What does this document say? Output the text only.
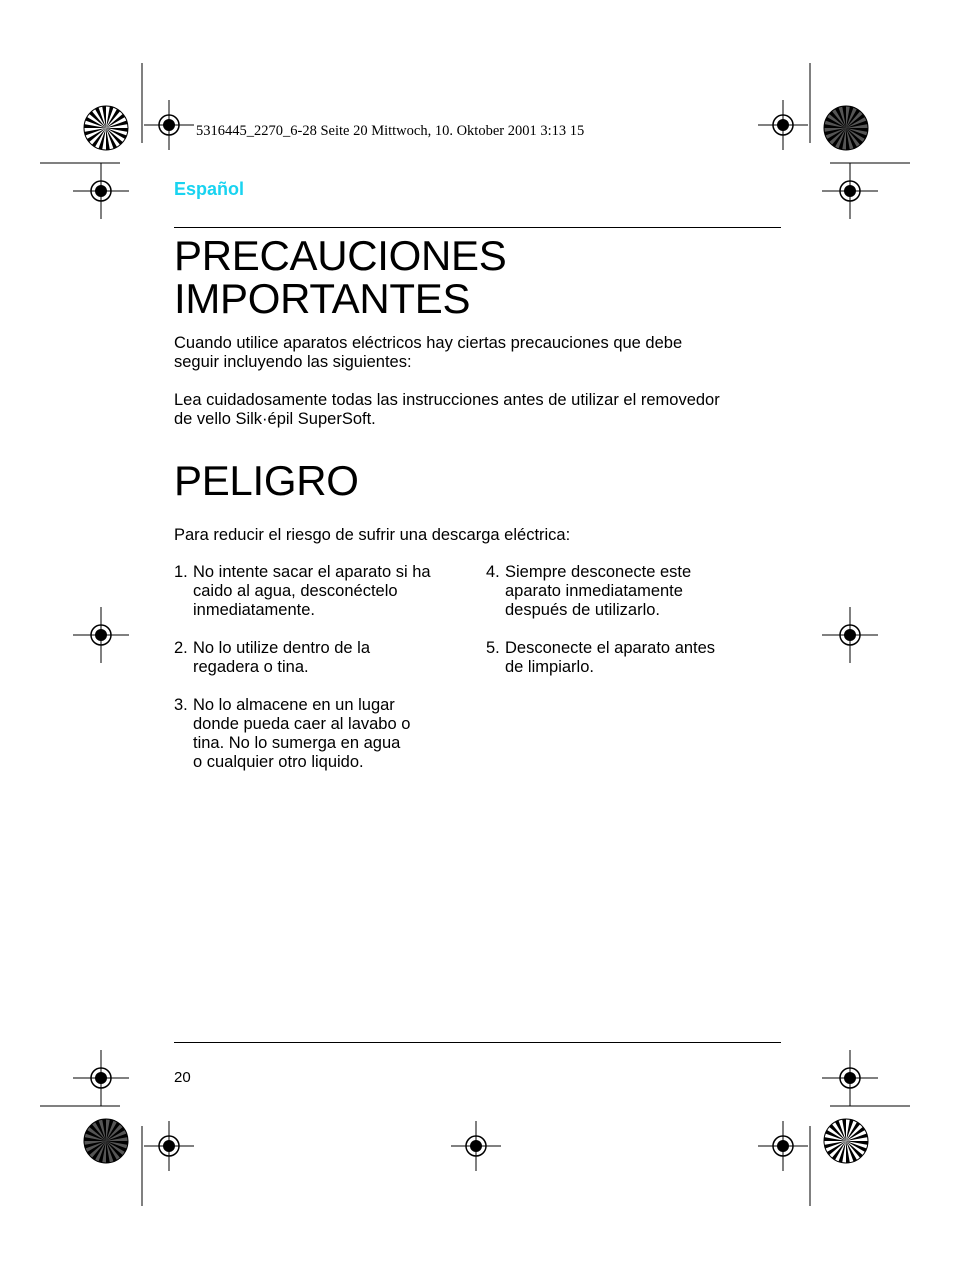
5316445_2270_6-28 Seite 20 Mittwoch, 10. Oktober 2001 3:13 15
Español
PRECAUCIONES
IMPORTANTES

Cuando utilice aparatos eléctricos hay ciertas precauciones que debe
seguir incluyendo las siguientes:

Lea cuidadosamente todas las instrucciones antes de utilizar el removedor
de vello Silk·épil SuperSoft.

PELIGRO

Para reducir el riesgo de sufrir una descarga eléctrica:

1. No intente sacar el aparato si ha
caido al agua, desconéctelo
inmediatamente.
2. No lo utilize dentro de la
regadera o tina.
3. No lo almacene en un lugar
donde pueda caer al lavabo o
tina. No lo sumerga en agua
o cualquier otro liquido.
4. Siempre desconecte este
aparato inmediatamente
después de utilizarlo.
5. Desconecte el aparato antes
de limpiarlo.
20
